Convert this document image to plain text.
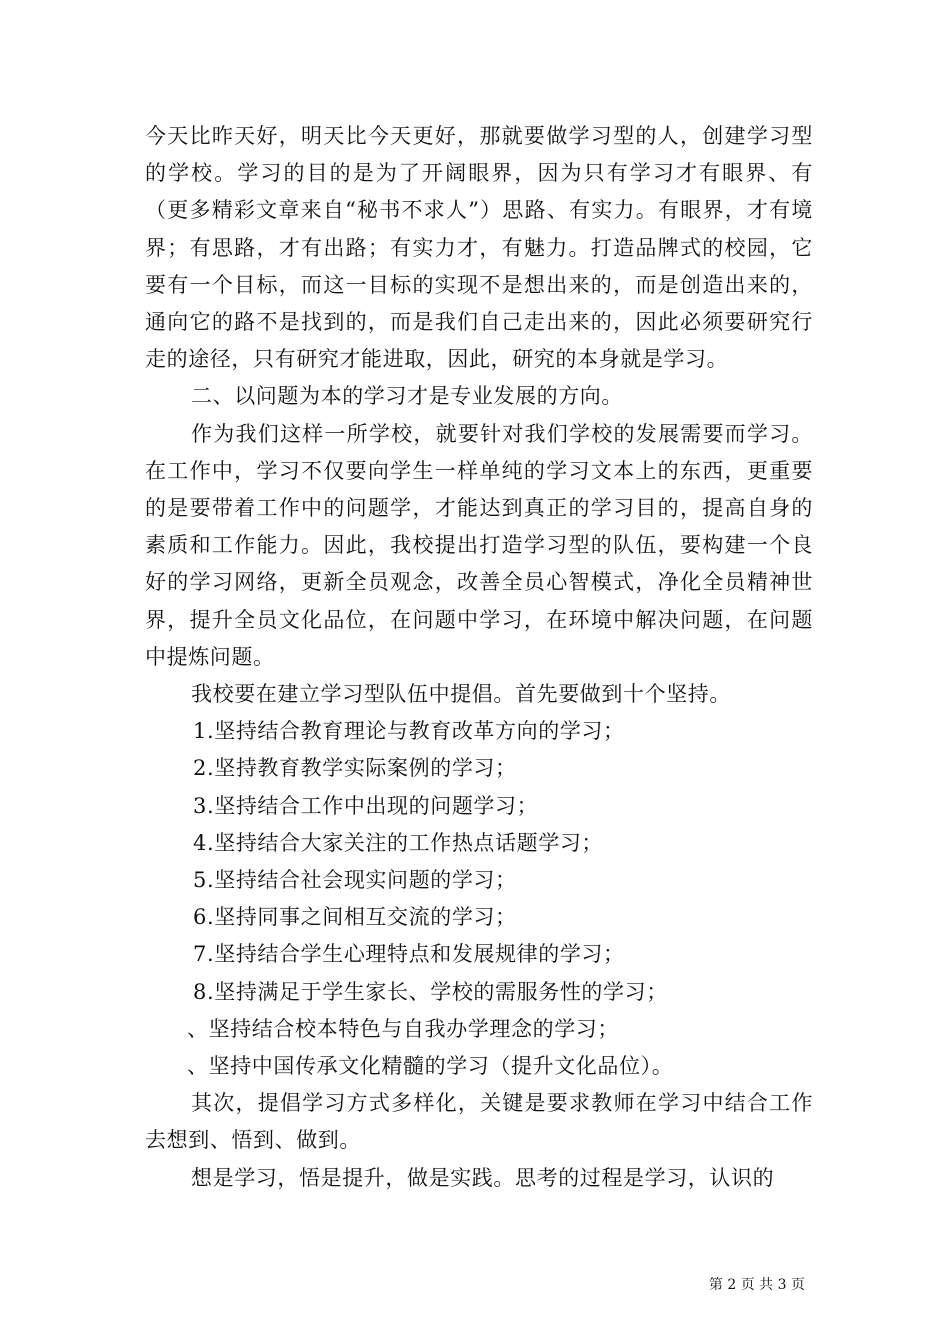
今天比昨天好，明天比今天更好，那就要做学习型的人，创建学习型的学校。学习的目的是为了开阔眼界，因为只有学习才有眼界、有（更多精彩文章来自“秘书不求人”）思路、有实力。有眼界，才有境界；有思路，才有出路；有实力才，有魅力。打造品牌式的校园，它要有一个目标，而这一目标的实现不是想出来的，而是创造出来的，通向它的路不是找到的，而是我们自己走出来的，因此必须要研究行走的途径，只有研究才能进取，因此，研究的本身就是学习。

二、以问题为本的学习才是专业发展的方向。

作为我们这样一所学校，就要针对我们学校的发展需要而学习。在工作中，学习不仅要向学生一样单纯的学习文本上的东西，更重要的是要带着工作中的问题学，才能达到真正的学习目的，提高自身的素质和工作能力。因此，我校提出打造学习型的队伍，要构建一个良好的学习网络，更新全员观念，改善全员心智模式，净化全员精神世界，提升全员文化品位，在问题中学习，在环境中解决问题，在问题中提炼问题。

我校要在建立学习型队伍中提倡。首先要做到十个坚持。

1.坚持结合教育理论与教育改革方向的学习；

2.坚持教育教学实际案例的学习；

3.坚持结合工作中出现的问题学习；

4.坚持结合大家关注的工作热点话题学习；

5.坚持结合社会现实问题的学习；

6.坚持同事之间相互交流的学习；

7.坚持结合学生心理特点和发展规律的学习；

8.坚持满足于学生家长、学校的需服务性的学习；

、坚持结合校本特色与自我办学理念的学习；

、坚持中国传承文化精髓的学习（提升文化品位）。

其次，提倡学习方式多样化，关键是要求教师在学习中结合工作去想到、悟到、做到。

想是学习，悟是提升，做是实践。思考的过程是学习，认识的

第 2 页 共 3 页
